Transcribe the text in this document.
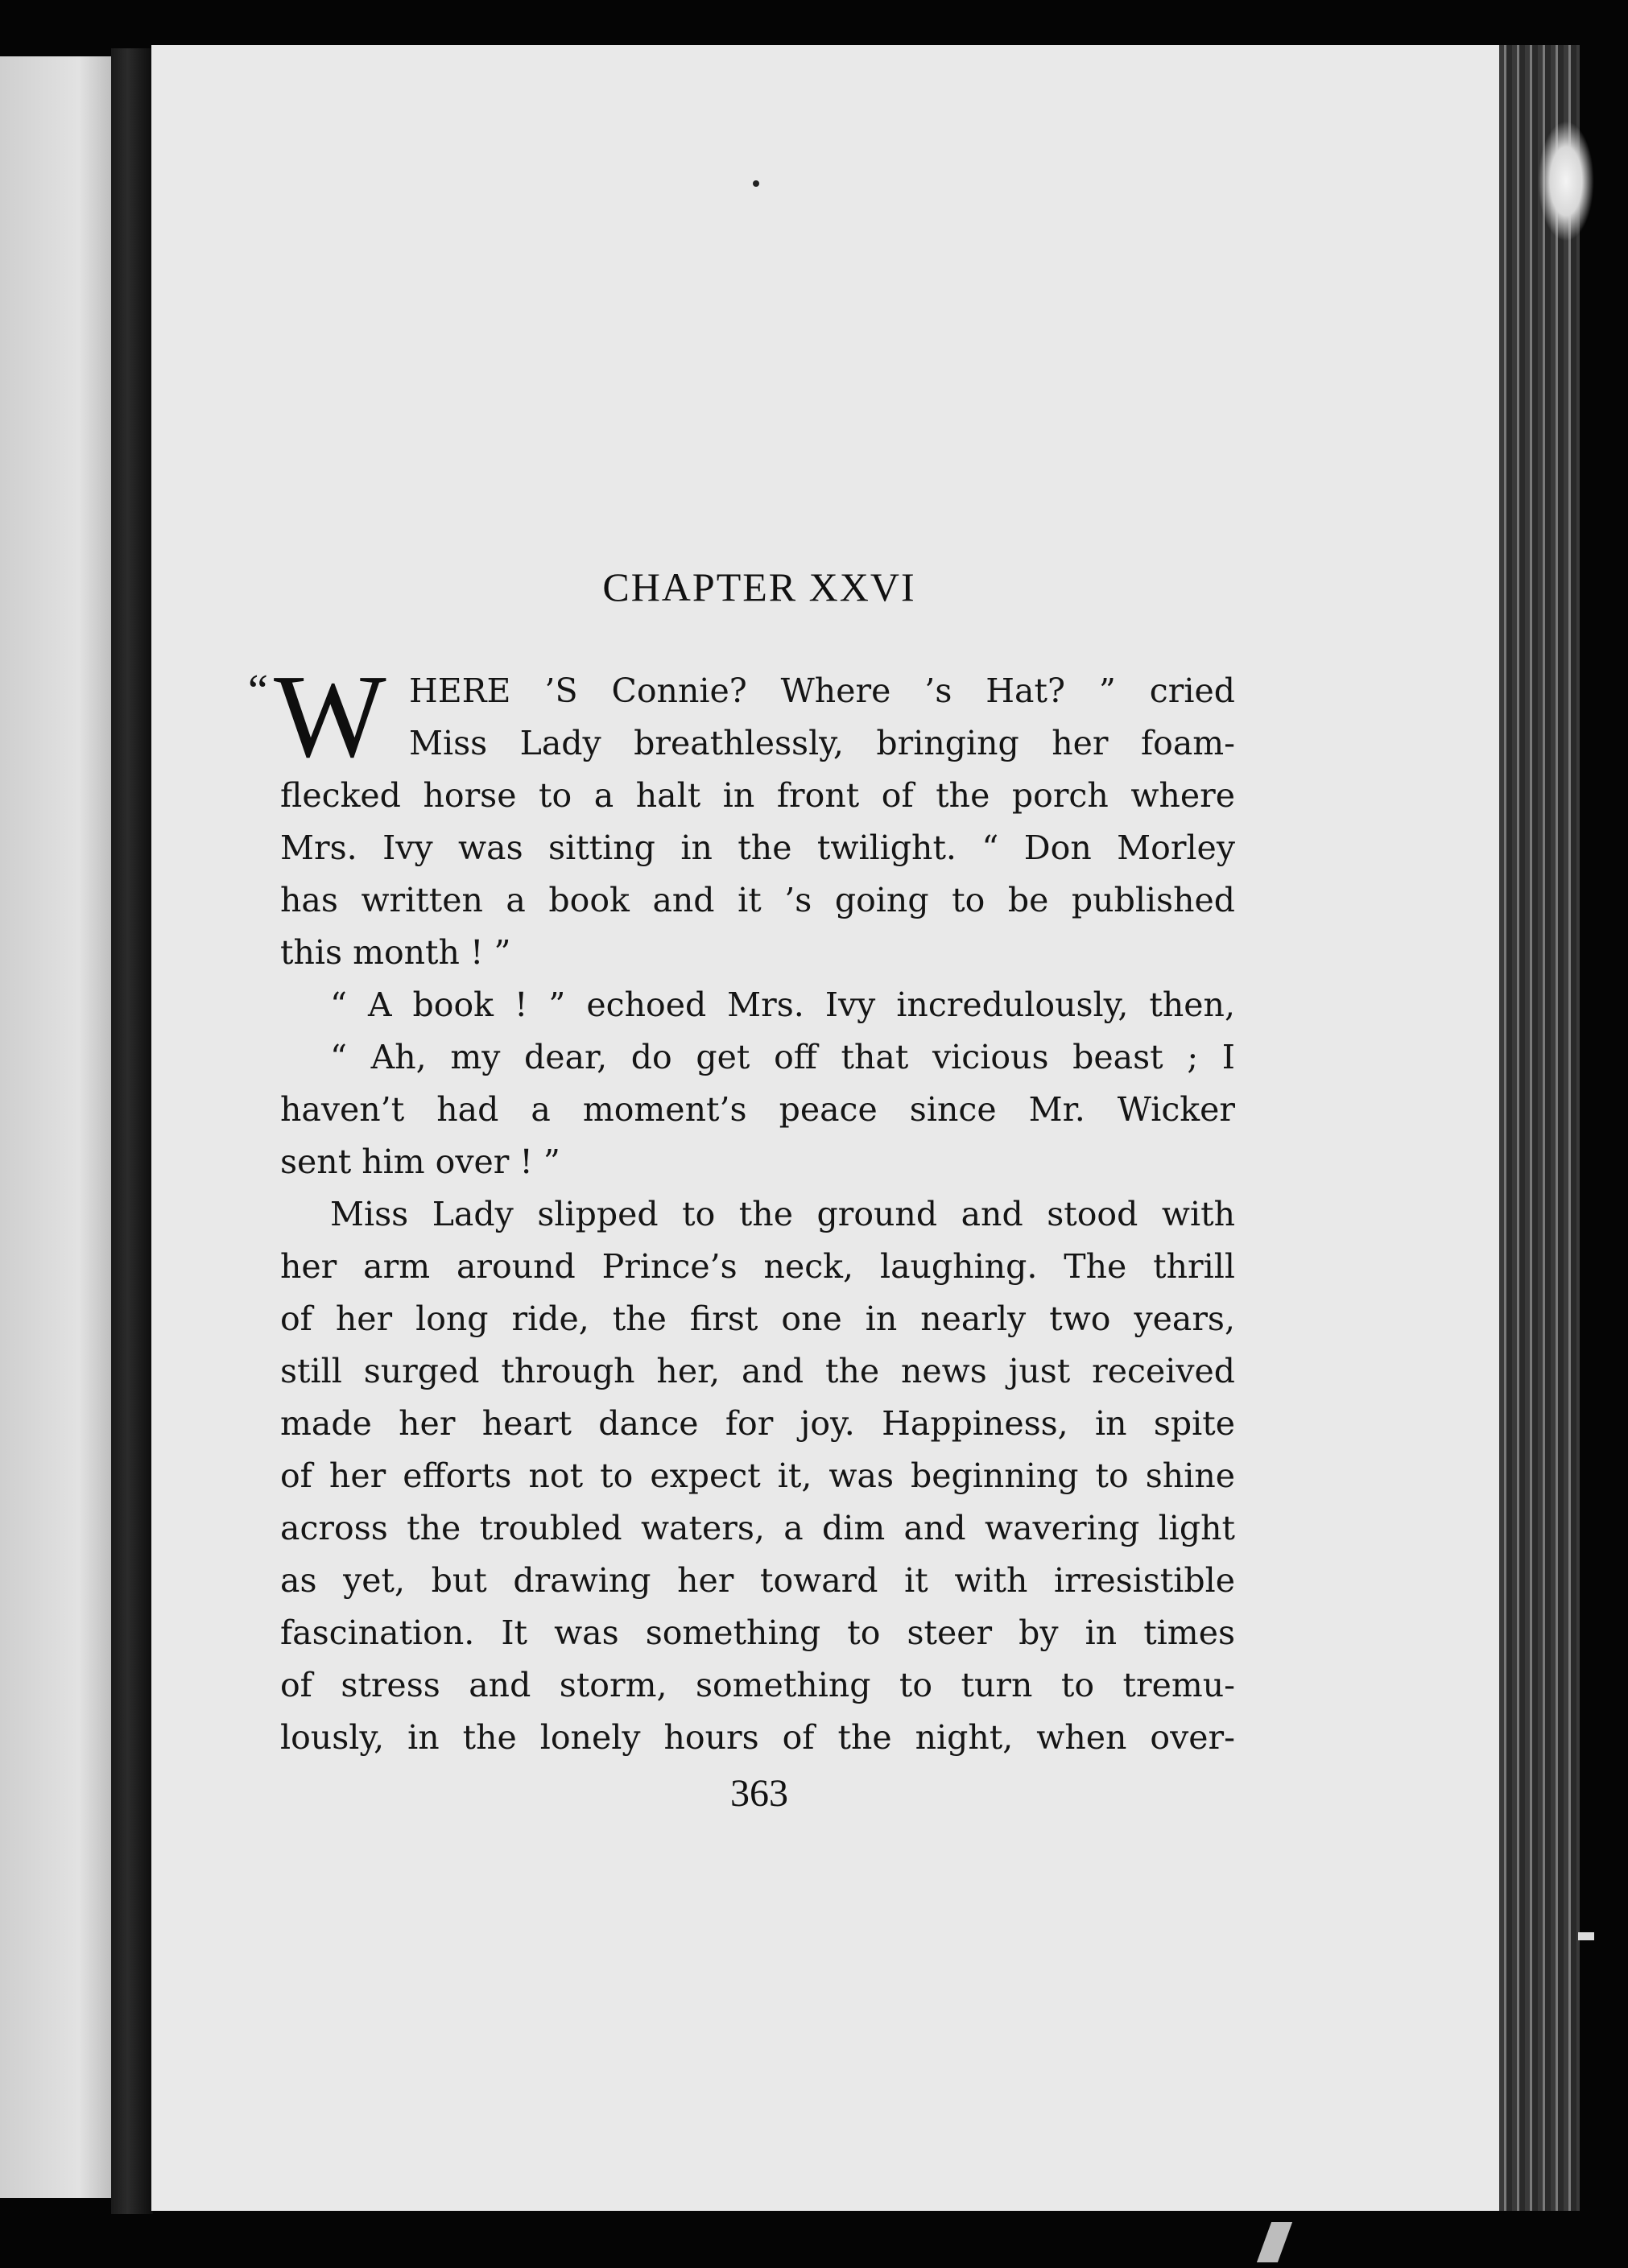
CHAPTER XXVI
“ W HERE ’S Connie? Where ’s Hat? ” cried
Miss Lady breathlessly, bringing her foam-
flecked horse to a halt in front of the porch where
Mrs. Ivy was sitting in the twilight. “ Don Morley
has written a book and it ’s going to be published
this month ! ”
“ A book ! ” echoed Mrs. Ivy incredulously, then,
“ Ah, my dear, do get off that vicious beast ; I
haven’t had a moment’s peace since Mr. Wicker
sent him over ! ”
Miss Lady slipped to the ground and stood with
her arm around Prince’s neck, laughing. The thrill
of her long ride, the first one in nearly two years,
still surged through her, and the news just received
made her heart dance for joy. Happiness, in spite
of her efforts not to expect it, was beginning to shine
across the troubled waters, a dim and wavering light
as yet, but drawing her toward it with irresistible
fascination. It was something to steer by in times
of stress and storm, something to turn to tremu-
lously, in the lonely hours of the night, when over-
363
